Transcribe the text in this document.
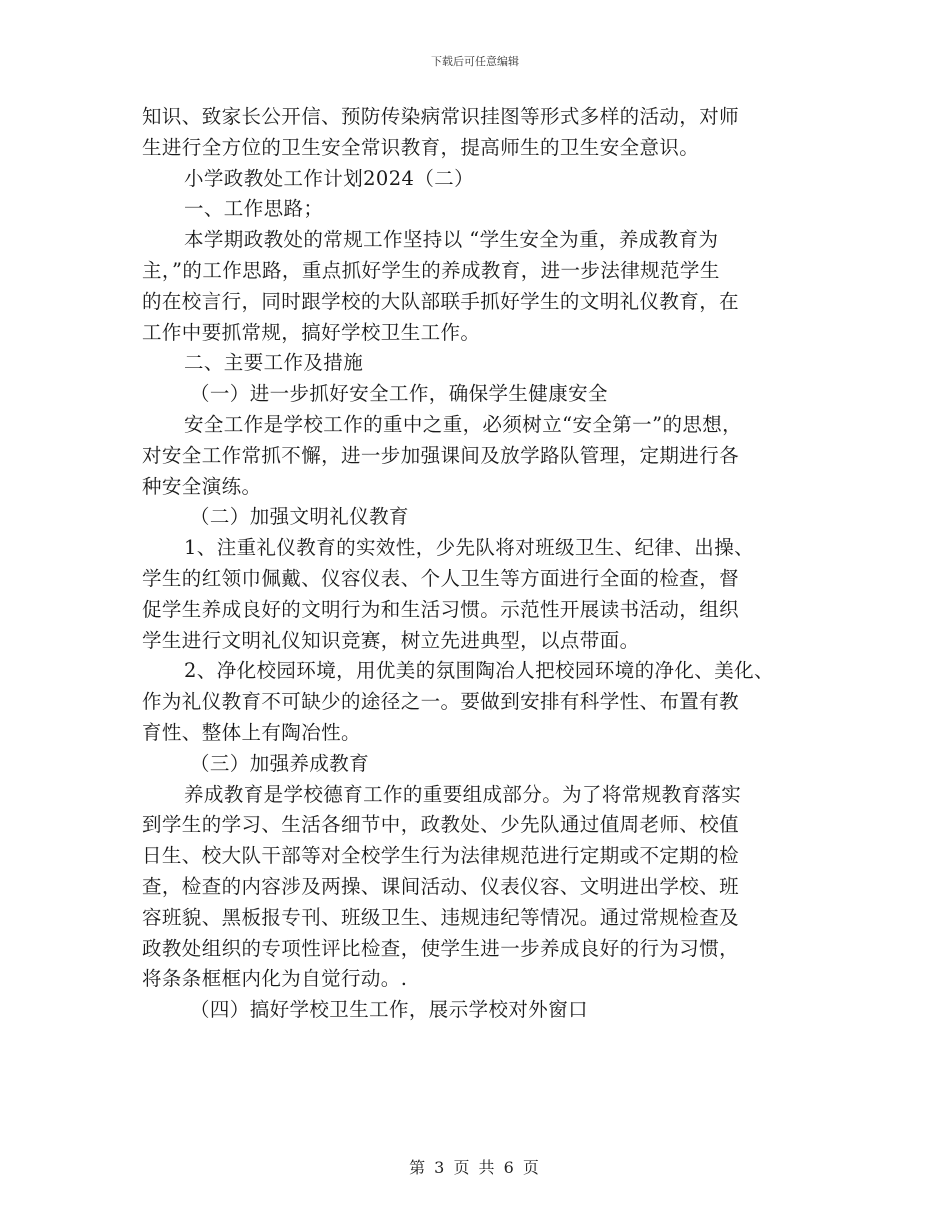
下载后可任意编辑
知识、致家长公开信、预防传染病常识挂图等形式多样的活动，对师
生进行全方位的卫生安全常识教育，提高师生的卫生安全意识。
小学政教处工作计划2024（二）
一、工作思路；
本学期政教处的常规工作坚持以 “学生安全为重，养成教育为
主，”的工作思路，重点抓好学生的养成教育，进一步法律规范学生
的在校言行，同时跟学校的大队部联手抓好学生的文明礼仪教育，在
工作中要抓常规，搞好学校卫生工作。
二、主要工作及措施
（一）进一步抓好安全工作，确保学生健康安全
安全工作是学校工作的重中之重，必须树立“安全第一”的思想，
对安全工作常抓不懈，进一步加强课间及放学路队管理，定期进行各
种安全演练。
（二）加强文明礼仪教育
1、注重礼仪教育的实效性，少先队将对班级卫生、纪律、出操、
学生的红领巾佩戴、仪容仪表、个人卫生等方面进行全面的检查，督
促学生养成良好的文明行为和生活习惯。示范性开展读书活动，组织
学生进行文明礼仪知识竞赛，树立先进典型，以点带面。
2、净化校园环境，用优美的氛围陶冶人把校园环境的净化、美化、
作为礼仪教育不可缺少的途径之一。要做到安排有科学性、布置有教
育性、整体上有陶冶性。
（三）加强养成教育
养成教育是学校德育工作的重要组成部分。为了将常规教育落实
到学生的学习、生活各细节中，政教处、少先队通过值周老师、校值
日生、校大队干部等对全校学生行为法律规范进行定期或不定期的检
查，检查的内容涉及两操、课间活动、仪表仪容、文明进出学校、班
容班貌、黑板报专刊、班级卫生、违规违纪等情况。通过常规检查及
政教处组织的专项性评比检查，使学生进一步养成良好的行为习惯，
将条条框框内化为自觉行动。.
（四）搞好学校卫生工作，展示学校对外窗口
第 3 页 共 6 页
